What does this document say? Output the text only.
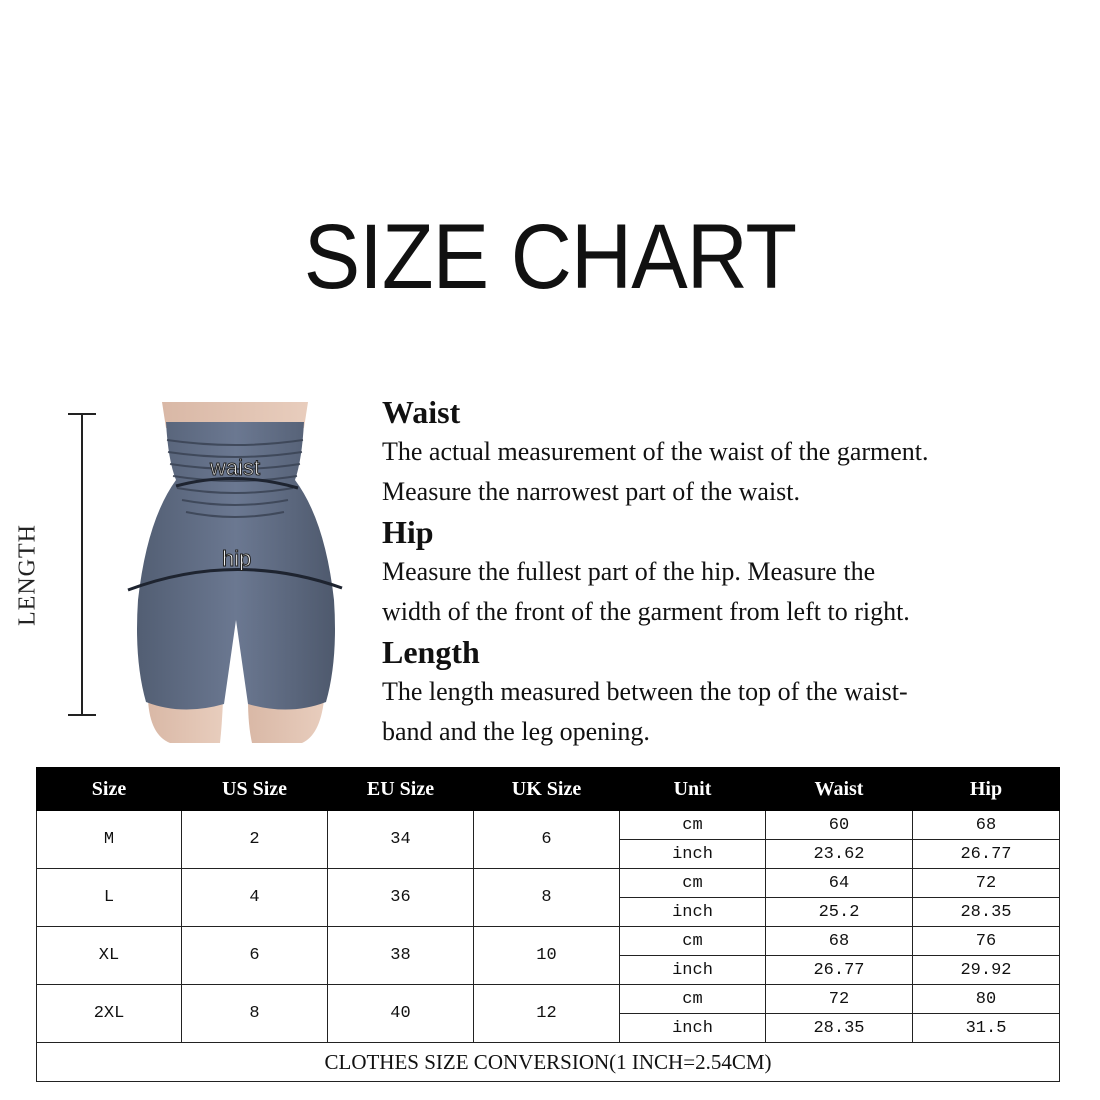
SIZE CHART
LENGTH
waist
hip
Waist

The actual measurement of the waist of the garment.

Measure the narrowest part of the waist.

Hip

Measure the fullest part of the hip. Measure the

width of the front of the garment from left to right.

Length

The length measured between the top of the waist-

band and the leg opening.

Size	US Size	EU Size	UK Size	Unit	Waist	Hip
M	2	34	6	cm	60	68
				inch	23.62	26.77
L	4	36	8	cm	64	72
				inch	25.2	28.35
XL	6	38	10	cm	68	76
				inch	26.77	29.92
2XL	8	40	12	cm	72	80
				inch	28.35	31.5
CLOTHES SIZE CONVERSION(1 INCH=2.54CM)						
